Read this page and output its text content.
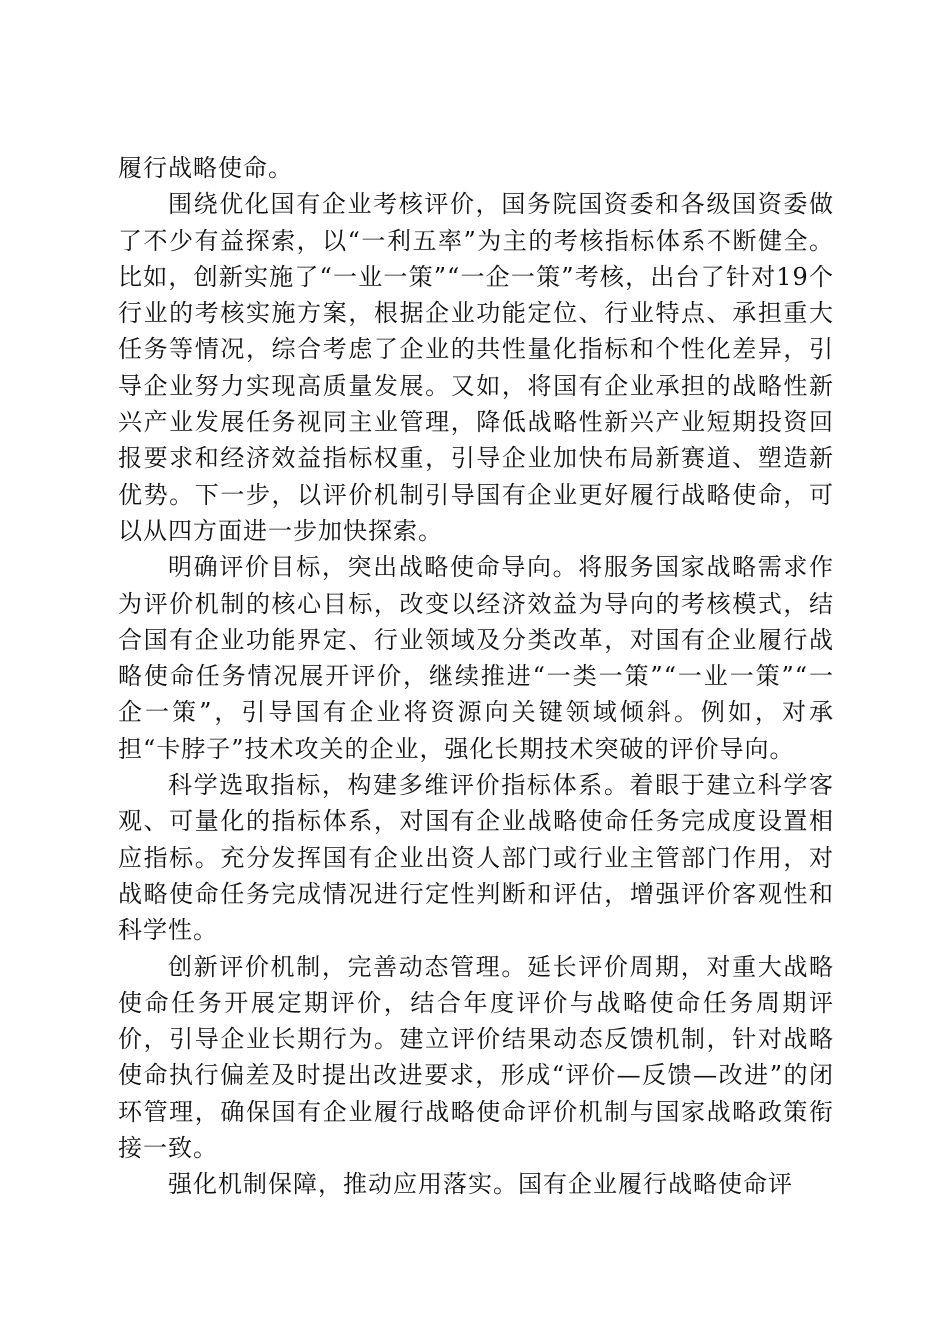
履行战略使命。

围绕优化国有企业考核评价，国务院国资委和各级国资委做了不少有益探索，以“一利五率”为主的考核指标体系不断健全。比如，创新实施了“一业一策”“一企一策”考核，出台了针对19个行业的考核实施方案，根据企业功能定位、行业特点、承担重大任务等情况，综合考虑了企业的共性量化指标和个性化差异，引导企业努力实现高质量发展。又如，将国有企业承担的战略性新兴产业发展任务视同主业管理，降低战略性新兴产业短期投资回报要求和经济效益指标权重，引导企业加快布局新赛道、塑造新优势。下一步，以评价机制引导国有企业更好履行战略使命，可以从四方面进一步加快探索。

明确评价目标，突出战略使命导向。将服务国家战略需求作为评价机制的核心目标，改变以经济效益为导向的考核模式，结合国有企业功能界定、行业领域及分类改革，对国有企业履行战略使命任务情况展开评价，继续推进“一类一策”“一业一策”“一企一策”，引导国有企业将资源向关键领域倾斜。例如，对承担“卡脖子”技术攻关的企业，强化长期技术突破的评价导向。

科学选取指标，构建多维评价指标体系。着眼于建立科学客观、可量化的指标体系，对国有企业战略使命任务完成度设置相应指标。充分发挥国有企业出资人部门或行业主管部门作用，对战略使命任务完成情况进行定性判断和评估，增强评价客观性和科学性。

创新评价机制，完善动态管理。延长评价周期，对重大战略使命任务开展定期评价，结合年度评价与战略使命任务周期评价，引导企业长期行为。建立评价结果动态反馈机制，针对战略使命执行偏差及时提出改进要求，形成“评价—反馈—改进”的闭环管理，确保国有企业履行战略使命评价机制与国家战略政策衔接一致。

强化机制保障，推动应用落实。国有企业履行战略使命评
